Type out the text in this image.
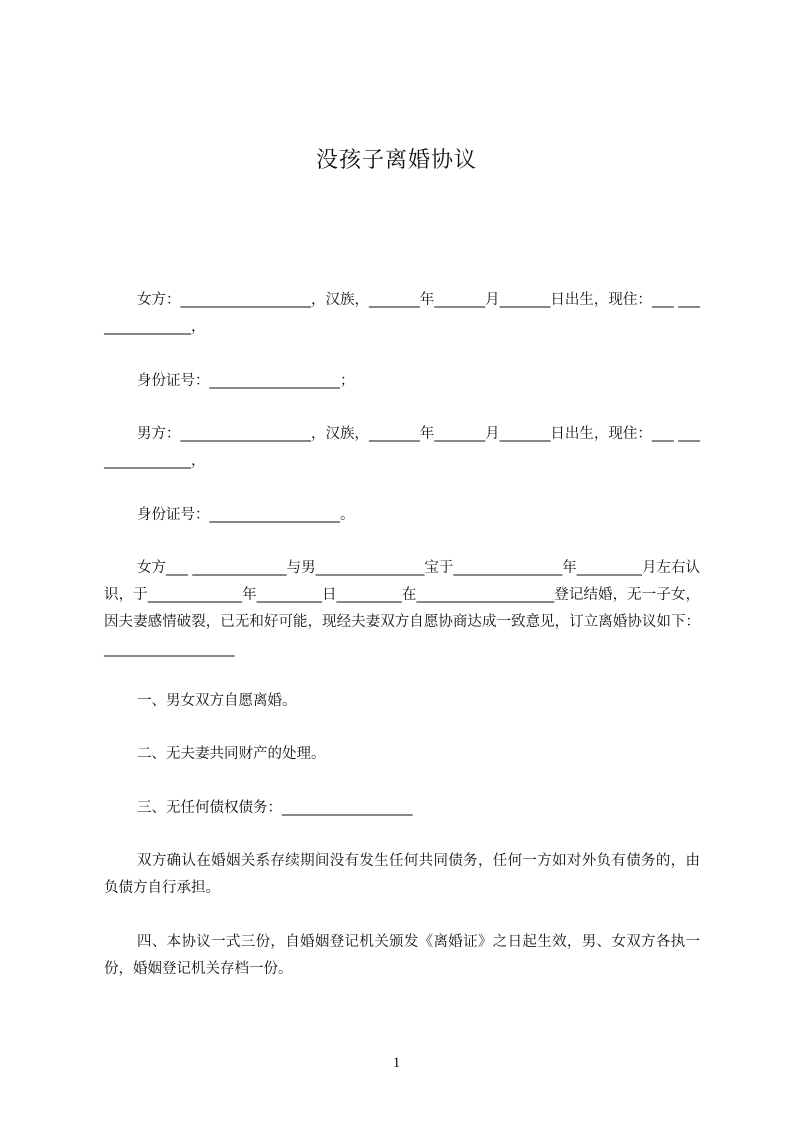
没孩子离婚协议
女方：__________________，汉族，_______年_______月_______日出生，现住：___ _______________，
身份证号：__________________；
男方：__________________，汉族，_______年_______月_______日出生，现住：___ _______________，
身份证号：__________________。
女方___ _____________与男_______________宝于_______________年_________月左右认识，于_____________年_________日_________在___________________登记结婚，无一子女，因夫妻感情破裂，已无和好可能，现经夫妻双方自愿协商达成一致意见，订立离婚协议如下：__________________
一、男女双方自愿离婚。
二、无夫妻共同财产的处理。
三、无任何债权债务：__________________
双方确认在婚姻关系存续期间没有发生任何共同债务，任何一方如对外负有债务的，由负债方自行承担。
四、本协议一式三份，自婚姻登记机关颁发《离婚证》之日起生效，男、女双方各执一份，婚姻登记机关存档一份。
1
